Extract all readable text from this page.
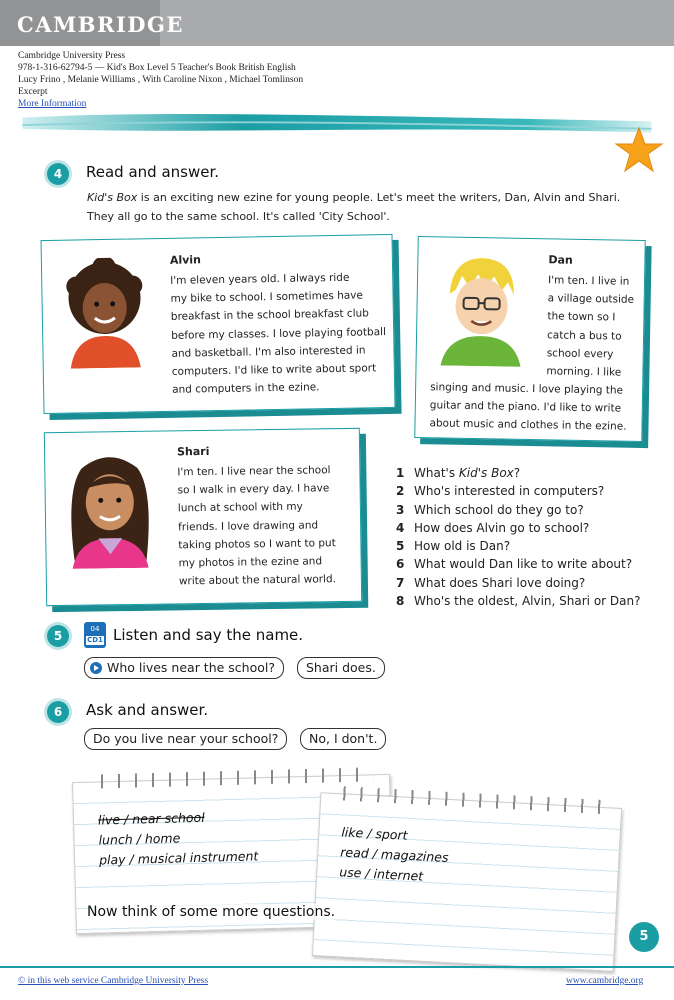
CAMBRIDGE
Cambridge University Press
978-1-316-62794-5 — Kid's Box Level 5 Teacher's Book British English
Lucy Frino , Melanie Williams , With Caroline Nixon , Michael Tomlinson
Excerpt
More Information
4	Read and answer.
Kid's Box is an exciting new ezine for young people. Let's meet the writers, Dan, Alvin and Shari.
They all go to the same school. It's called 'City School'.
Alvin
I'm eleven years old. I always ride
my bike to school. I sometimes have
breakfast in the school breakfast club
before my classes. I love playing football
and basketball. I'm also interested in
computers. I'd like to write about sport
and computers in the ezine.
Dan
I'm ten. I live in
a village outside
the town so I
catch a bus to
school every
morning. I like
singing and music. I love playing the
guitar and the piano. I'd like to write
about music and clothes in the ezine.
Shari
I'm ten. I live near the school
so I walk in every day. I have
lunch at school with my
friends. I love drawing and
taking photos so I want to put
my photos in the ezine and
write about the natural world.
1 What's Kid's Box?
2 Who's interested in computers?
3 Which school do they go to?
4 How does Alvin go to school?
5 How old is Dan?
6 What would Dan like to write about?
7 What does Shari love doing?
8 Who's the oldest, Alvin, Shari or Dan?
5	04
CD1 Listen and say the name.
Who lives near the school?	Shari does.
6	Ask and answer.
Do you live near your school?	No, I don't.
live / near school
lunch / home
play / musical instrument
like / sport
read / magazines
use / internet
Now think of some more questions.
5
© in this web service Cambridge University Press	www.cambridge.org
